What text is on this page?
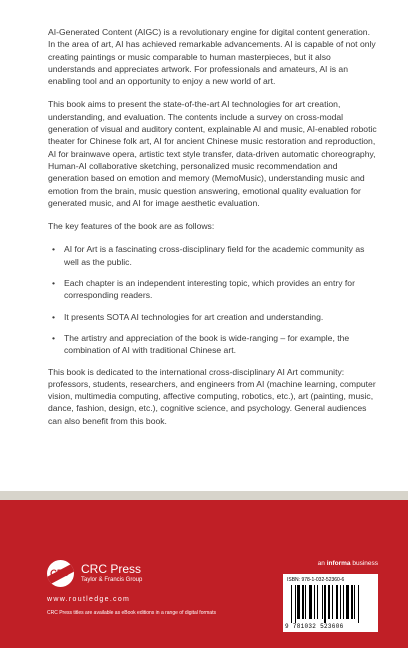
AI-Generated Content (AIGC) is a revolutionary engine for digital content generation. In the area of art, AI has achieved remarkable advancements. AI is capable of not only creating paintings or music comparable to human masterpieces, but it also understands and appreciates artwork. For professionals and amateurs, AI is an enabling tool and an opportunity to enjoy a new world of art.

This book aims to present the state-of-the-art AI technologies for art creation, understanding, and evaluation. The contents include a survey on cross-modal generation of visual and auditory content, explainable AI and music, AI-enabled robotic theater for Chinese folk art, AI for ancient Chinese music restoration and reproduction, AI for brainwave opera, artistic text style transfer, data-driven automatic choreography, Human-AI collaborative sketching, personalized music recommendation and generation based on emotion and memory (MemoMusic), understanding music and emotion from the brain, music question answering, emotional quality evaluation for generated music, and AI for image aesthetic evaluation.

The key features of the book are as follows:

• AI for Art is a fascinating cross-disciplinary field for the academic community as well as the public.
• Each chapter is an independent interesting topic, which provides an entry for corresponding readers.
• It presents SOTA AI technologies for art creation and understanding.
• The artistry and appreciation of the book is wide-ranging – for example, the combination of AI with traditional Chinese art.

This book is dedicated to the international cross-disciplinary AI Art community: professors, students, researchers, and engineers from AI (machine learning, computer vision, multimedia computing, affective computing, robotics, etc.), art (painting, music, dance, fashion, design, etc.), cognitive science, and psychology. General audiences can also benefit from this book.

CRC CRC Press
Taylor & Francis Group
www.routledge.com
CRC Press titles are available as eBook editions in a range of digital formats
an informa business
ISBN: 978-1-032-52360-6
9 781032 523606
